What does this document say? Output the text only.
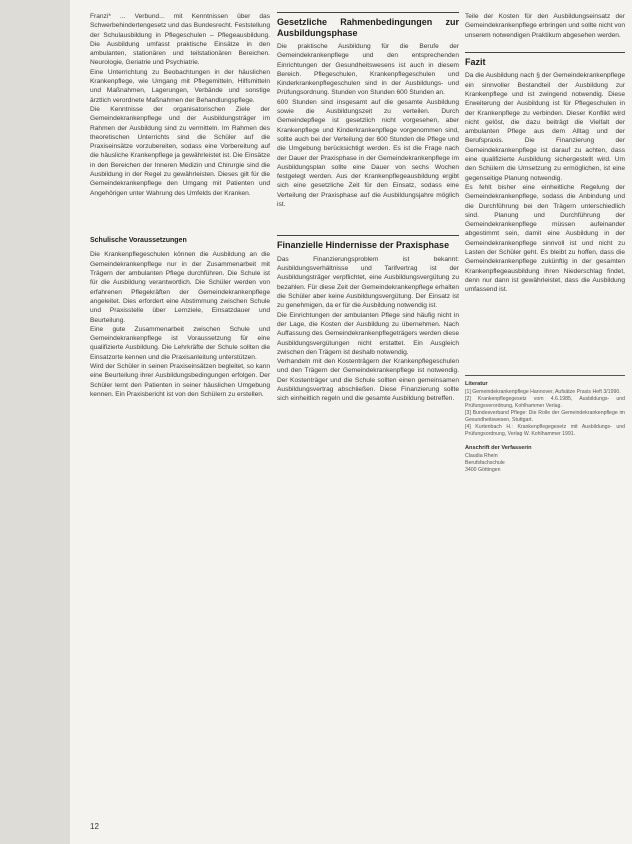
Franzi* ... Verbund... mit Kenntnissen über das Schwerbehindertengesetz und das Bundesrecht. Feststellung der Schulausbildung in Pflegeschulen – Pflegeausbildung. Die Ausbildung umfasst praktische Einsätze in den ambulanten, stationären und teilstationären Bereichen. Neurologie, Geriatrie und Psychiatrie.

Eine Unterrichtung zu Beobachtungen in der häuslichen Krankenpflege, wie Umgang mit Pflegemitteln, Hilfsmitteln und Maßnahmen, Lagerungen, Verbände und sonstige ärztlich verordnete Maßnahmen der Behandlungspflege.

Die Kenntnisse der organisatorischen Ziele der Gemeindekrankenpflege und der Ausbildungsträger im Rahmen der Ausbildung sind zu vermitteln. Im Rahmen des theoretischen Unterrichts sind die Schüler auf die Praxiseinsätze vorzubereiten, sodass eine Vorbereitung auf die häusliche Krankenpflege ja gewährleistet ist. Die Einsätze in den Bereichen der Inneren Medizin und Chirurgie sind die Ausbildung in der Regel zu gewährleisten. Dieses gilt für die Gemeindekrankenpflege den Umgang mit Patienten und Angehörigen unter Wahrung des Umfelds der Kranken.

Schulische Voraussetzungen

Die Krankenpflegeschulen können die Ausbildung an die Gemeindekrankenpflege nur in der Zusammenarbeit mit Trägern der ambulanten Pflege durchführen. Die Schule ist für die Ausbildung verantwortlich. Die Schüler werden von erfahrenen Pflegekräften der Gemeindekrankenpflege angeleitet. Dies erfordert eine Abstimmung zwischen Schule und Praxisstelle über Lernziele, Einsatzdauer und Beurteilung.

Eine gute Zusammenarbeit zwischen Schule und Gemeindekrankenpflege ist Voraussetzung für eine qualifizierte Ausbildung. Die Lehrkräfte der Schule sollten die Einsatzorte kennen und die Praxisanleitung unterstützen.

Wird der Schüler in seinen Praxiseinsätzen begleitet, so kann eine Beurteilung ihrer Ausbildungsbedingungen erfolgen. Der Schüler lernt den Patienten in seiner häuslichen Umgebung kennen. Ein Praxisbericht ist von den Schülern zu erstellen.

Gesetzliche Rahmenbedingungen zur Ausbildungsphase

Die praktische Ausbildung für die Berufe der Gemeindekrankenpflege und den entsprechenden Einrichtungen der Gesundheitswesens ist auch in diesem Bereich. Pflegeschulen, Krankenpflegeschulen und Kinderkrankenpflegeschulen sind in der Ausbildungs- und Prüfungsordnung. Stunden von Stunden 600 Stunden an.

600 Stunden sind insgesamt auf die gesamte Ausbildung sowie die Ausbildungszeit zu verteilen. Durch Gemeindepflege ist gesetzlich nicht vorgesehen, aber Krankenpflege und Kinderkrankenpflege vorgenommen sind, sollte auch bei der Verteilung der 600 Stunden die Pflege und die Umgebung berücksichtigt werden. Es ist die Frage nach der Dauer der Praxisphase in der Gemeindekrankenpflege im Ausbildungsplan sollte eine Dauer von sechs Wochen festgelegt werden. Aus der Krankenpflegeausbildung ergibt sich eine gesetzliche Zeit für den Einsatz, sodass eine Verteilung der Praxisphase auf die Ausbildungsjahre möglich ist.

Finanzielle Hindernisse der Praxisphase

Das Finanzierungsproblem ist bekannt: Ausbildungsverhältnisse und Tarifvertrag ist der Ausbildungsträger verpflichtet, eine Ausbildungsvergütung zu bezahlen. Für diese Zeit der Gemeindekrankenpflege erhalten die Schüler aber keine Ausbildungsvergütung. Der Einsatz ist zu genehmigen, da er für die Ausbildung notwendig ist.

Die Einrichtungen der ambulanten Pflege sind häufig nicht in der Lage, die Kosten der Ausbildung zu übernehmen. Nach Auffassung des Gemeindekrankenpflegeträgers werden diese Ausbildungsvergütungen nicht erstattet. Ein Ausgleich zwischen den Trägern ist deshalb notwendig.

Verhandeln mit den Kostenträgern der Krankenpflegeschulen und den Trägern der Gemeindekrankenpflege ist notwendig. Der Kostenträger und die Schule sollten einen gemeinsamen Ausbildungsvertrag abschließen. Diese Finanzierung sollte sich einheitlich regeln und die gesamte Ausbildung betreffen.

Teile der Kosten für den Ausbildungseinsatz der Gemeindekrankenpflege erbringen und sollte nicht von unserem notwendigen Praktikum abgesehen werden.

Fazit

Da die Ausbildung nach § der Gemeindekrankenpflege ein sinnvoller Bestandteil der Ausbildung zur Krankenpflege und ist zwingend notwendig. Diese Erweiterung der Ausbildung ist für Pflegeschulen in der Krankenpflege zu verbinden. Dieser Konflikt wird nicht gelöst, die dazu beiträgt die Vielfalt der ambulanten Pflege aus dem Alltag und der Berufspraxis. Die Finanzierung der Gemeindekrankenpflege ist darauf zu achten, dass eine qualifizierte Ausbildung sichergestellt wird. Um den Schülern die Umsetzung zu ermöglichen, ist eine gegenseitige Planung notwendig.

Es fehlt bisher eine einheitliche Regelung der Gemeindekrankenpflege, sodass die Anbindung und die Durchführung bei den Trägern unterschiedlich sind. Planung und Durchführung der Gemeindekrankenpflege müssen aufeinander abgestimmt sein, damit eine Ausbildung in der Gemeindekrankenpflege sinnvoll ist und nicht zu Lasten der Schüler geht. Es bleibt zu hoffen, dass die Gemeindekrankenpflege zukünftig in der gesamten Krankenpflegeausbildung ihren Niederschlag findet, denn nur dann ist gewährleistet, dass die Ausbildung umfassend ist.

Literatur
[1] Gemeindekrankenpflege Hannover, Aufsätze Praxis Heft 3/1990.
[2] Krankenpflegegesetz vom 4.6.1985, Ausbildungs- und Prüfungsverordnung, Kohlhammer Verlag.
[3] Bundesverband Pflege: Die Rolle der Gemeindekrankenpflege im Gesundheitswesen, Stuttgart.
[4] Kurtenbach H.: Krankenpflegegesetz mit Ausbildungs- und Prüfungsordnung, Verlag W. Kohlhammer 1991.
Anschrift der Verfasserin
Claudia Rhein
Berufsfachschule
3400 Göttingen
12
